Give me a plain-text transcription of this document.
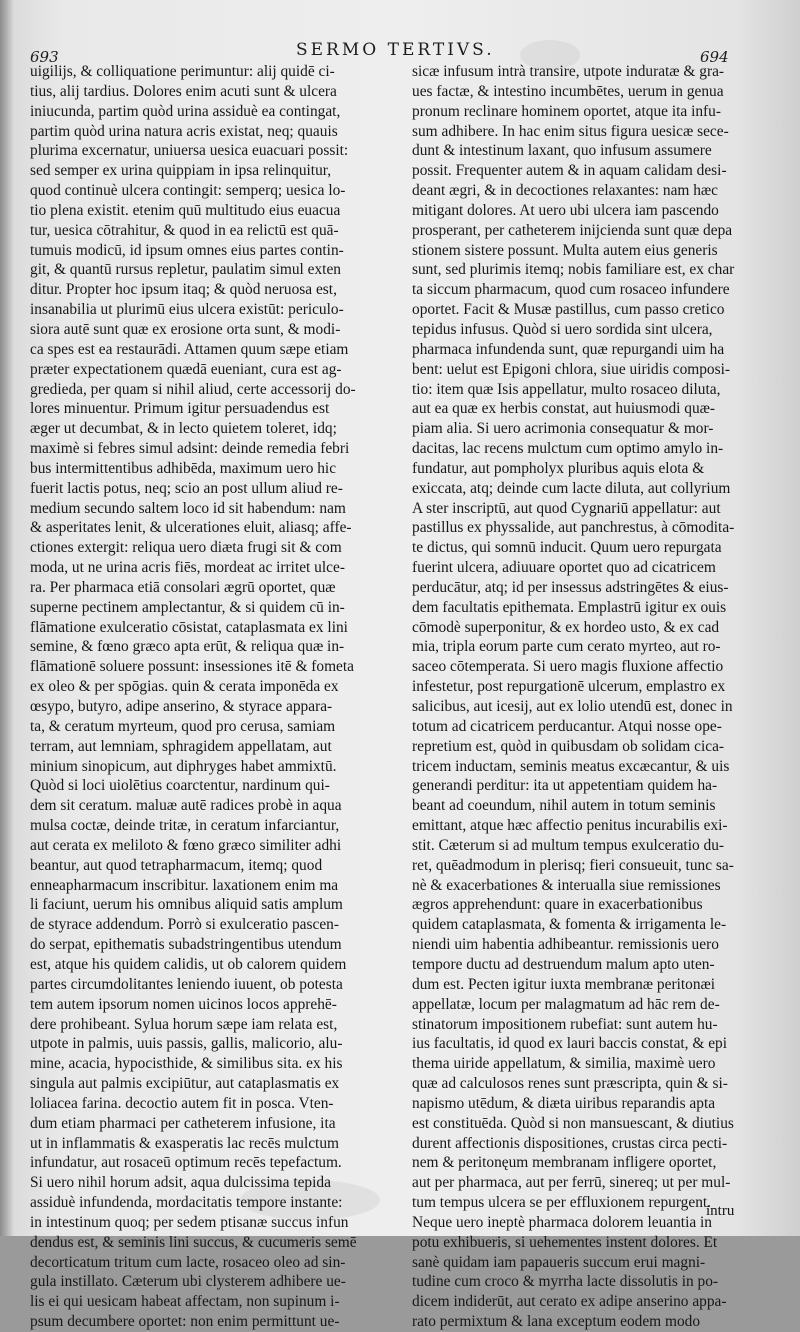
693	SERMO TERTIVS.	694
uigilijs, & colliquatione perimuntur: alij quidē ci-
tius, alij tardius. Dolores enim acuti sunt & ulcera
iniucunda, partim quòd urina assiduè ea contingat,
partim quòd urina natura acris existat, neq; quauis
plurima excernatur, uniuersa uesica euacuari possit:
sed semper ex urina quippiam in ipsa relinquitur,
quod continuè ulcera contingit: semperq; uesica lo-
tio plena existit. etenim quū multitudo eius euacua
tur, uesica cōtrahitur, & quod in ea relictū est quā-
tumuis modicū, id ipsum omnes eius partes contin-
git, & quantū rursus repletur, paulatim simul exten
ditur. Propter hoc ipsum itaq; & quòd neruosa est,
insanabilia ut plurimū eius ulcera existūt: periculo-
siora autē sunt quæ ex erosione orta sunt, & modi-
ca spes est ea restaurādi. Attamen quum sæpe etiam
præter expectationem quædā eueniant, cura est ag-
gredieda, per quam si nihil aliud, certe accessorij do-
lores minuentur. Primum igitur persuadendus est
æger ut decumbat, & in lecto quietem toleret, idq;
maximè si febres simul adsint: deinde remedia febri
bus intermittentibus adhibēda, maximum uero hic
fuerit lactis potus, neq; scio an post ullum aliud re-
medium secundo saltem loco id sit habendum: nam
& asperitates lenit, & ulcerationes eluit, aliasq; affe-
ctiones extergit: reliqua uero diæta frugi sit & com
moda, ut ne urina acris fiēs, mordeat ac irritet ulce-
ra. Per pharmaca etiā consolari ægrū oportet, quæ
superne pectinem amplectantur, & si quidem cū in-
flāmatione exulceratio cōsistat, cataplasmata ex lini
semine, & fœno græco apta erūt, & reliqua quæ in-
flāmationē soluere possunt: insessiones itē & fometa
ex oleo & per spōgias. quin & cerata imponēda ex
œsypo, butyro, adipe anserino, & styrace appara-
ta, & ceratum myrteum, quod pro cerusa, samiam
terram, aut lemniam, sphragidem appellatam, aut
minium sinopicum, aut diphryges habet ammixtū.
Quòd si loci uiolētius coarctentur, nardinum qui-
dem sit ceratum. maluæ autē radices probè in aqua
mulsa coctæ, deinde tritæ, in ceratum infarciantur,
aut cerata ex meliloto & fœno græco similiter adhi
beantur, aut quod tetrapharmacum, itemq; quod
enneapharmacum inscribitur. laxationem enim ma
li faciunt, uerum his omnibus aliquid satis amplum
de styrace addendum. Porrò si exulceratio pascen-
do serpat, epithematis subadstringentibus utendum
est, atque his quidem calidis, ut ob calorem quidem
partes circumdolitantes leniendo iuuent, ob potesta
tem autem ipsorum nomen uicinos locos apprehē-
dere prohibeant. Sylua horum sæpe iam relata est,
utpote in palmis, uuis passis, gallis, malicorio, alu-
mine, acacia, hypocisthide, & similibus sita. ex his
singula aut palmis excipiūtur, aut cataplasmatis ex
loliacea farina. decoctio autem fit in posca. Vten-
dum etiam pharmaci per catheterem infusione, ita
ut in inflammatis & exasperatis lac recēs mulctum
infundatur, aut rosaceū optimum recēs tepefactum.
Si uero nihil horum adsit, aqua dulcissima tepida
assiduè infundenda, mordacitatis tempore instante:
in intestinum quoq; per sedem ptisanæ succus infun
dendus est, & seminis lini succus, & cucumeris semē
decorticatum tritum cum lacte, rosaceo oleo ad sin-
gula instillato. Cæterum ubi clysterem adhibere ue-
lis ei qui uesicam habeat affectam, non supinum i-
psum decumbere oportet: non enim permittunt ue-
sicæ infusum intrà transire, utpote induratæ & gra-
ues factæ, & intestino incumbētes, uerum in genua
pronum reclinare hominem oportet, atque ita infu-
sum adhibere. In hac enim situs figura uesicæ sece-
dunt & intestinum laxant, quo infusum assumere
possit. Frequenter autem & in aquam calidam desi-
deant ægri, & in decoctiones relaxantes: nam hæc
mitigant dolores. At uero ubi ulcera iam pascendo
prosperant, per catheterem inijcienda sunt quæ depa
stionem sistere possunt. Multa autem eius generis
sunt, sed plurimis itemq; nobis familiare est, ex char
ta siccum pharmacum, quod cum rosaceo infundere
oportet. Facit & Musæ pastillus, cum passo cretico
tepidus infusus. Quòd si uero sordida sint ulcera,
pharmaca infundenda sunt, quæ repurgandi uim ha
bent: uelut est Epigoni chlora, siue uiridis composi-
tio: item quæ Isis appellatur, multo rosaceo diluta,
aut ea quæ ex herbis constat, aut huiusmodi quæ-
piam alia. Si uero acrimonia consequatur & mor-
dacitas, lac recens mulctum cum optimo amylo in-
fundatur, aut pompholyx pluribus aquis elota &
exiccata, atq; deinde cum lacte diluta, aut collyrium
A ster inscriptū, aut quod Cygnariū appellatur: aut
pastillus ex physsalide, aut panchrestus, à cōmodita-
te dictus, qui somnū inducit. Quum uero repurgata
fuerint ulcera, adiuuare oportet quo ad cicatricem
perducātur, atq; id per insessus adstringētes & eius-
dem facultatis epithemata. Emplastrū igitur ex ouis
cōmodè superponitur, & ex hordeo usto, & ex cad
mia, tripla eorum parte cum cerato myrteo, aut ro-
saceo cōtemperata. Si uero magis fluxione affectio
infestetur, post repurgationē ulcerum, emplastro ex
salicibus, aut icesij, aut ex lolio utendū est, donec in
totum ad cicatricem perducantur. Atqui nosse ope-
repretium est, quòd in quibusdam ob solidam cica-
tricem inductam, seminis meatus excæcantur, & uis
generandi perditur: ita ut appetentiam quidem ha-
beant ad coeundum, nihil autem in totum seminis
emittant, atque hæc affectio penitus incurabilis exi-
stit. Cæterum si ad multum tempus exulceratio du-
ret, quēadmodum in plerisq; fieri consueuit, tunc sa-
nè & exacerbationes & interualla siue remissiones
ægros apprehendunt: quare in exacerbationibus
quidem cataplasmata, & fomenta & irrigamenta le-
niendi uim habentia adhibeantur. remissionis uero
tempore ductu ad destruendum malum apto uten-
dum est. Pecten igitur iuxta membranæ peritonæi
appellatæ, locum per malagmatum ad hāc rem de-
stinatorum impositionem rubefiat: sunt autem hu-
ius facultatis, id quod ex lauri baccis constat, & epi
thema uiride appellatum, & similia, maximè uero
quæ ad calculosos renes sunt præscripta, quin & si-
napismo utēdum, & diæta uiribus reparandis apta
est constituēda. Quòd si non mansuescant, & diutius
durent affectionis dispositiones, crustas circa pecti-
nem & peritonęum membranam infligere oportet,
aut per pharmaca, aut per ferrū, sinereq; ut per mul-
tum tempus ulcera se per effluxionem repurgent.
Neque uero ineptè pharmaca dolorem leuantia in
potu exhibueris, si uehementes instent dolores. Et
sanè quidam iam papaueris succum erui magni-
tudine cum croco & myrrha lacte dissolutis in po-
dicem indiderūt, aut cerato ex adipe anserino appa-
rato permixtum & lana exceptum eodem modo
intru
